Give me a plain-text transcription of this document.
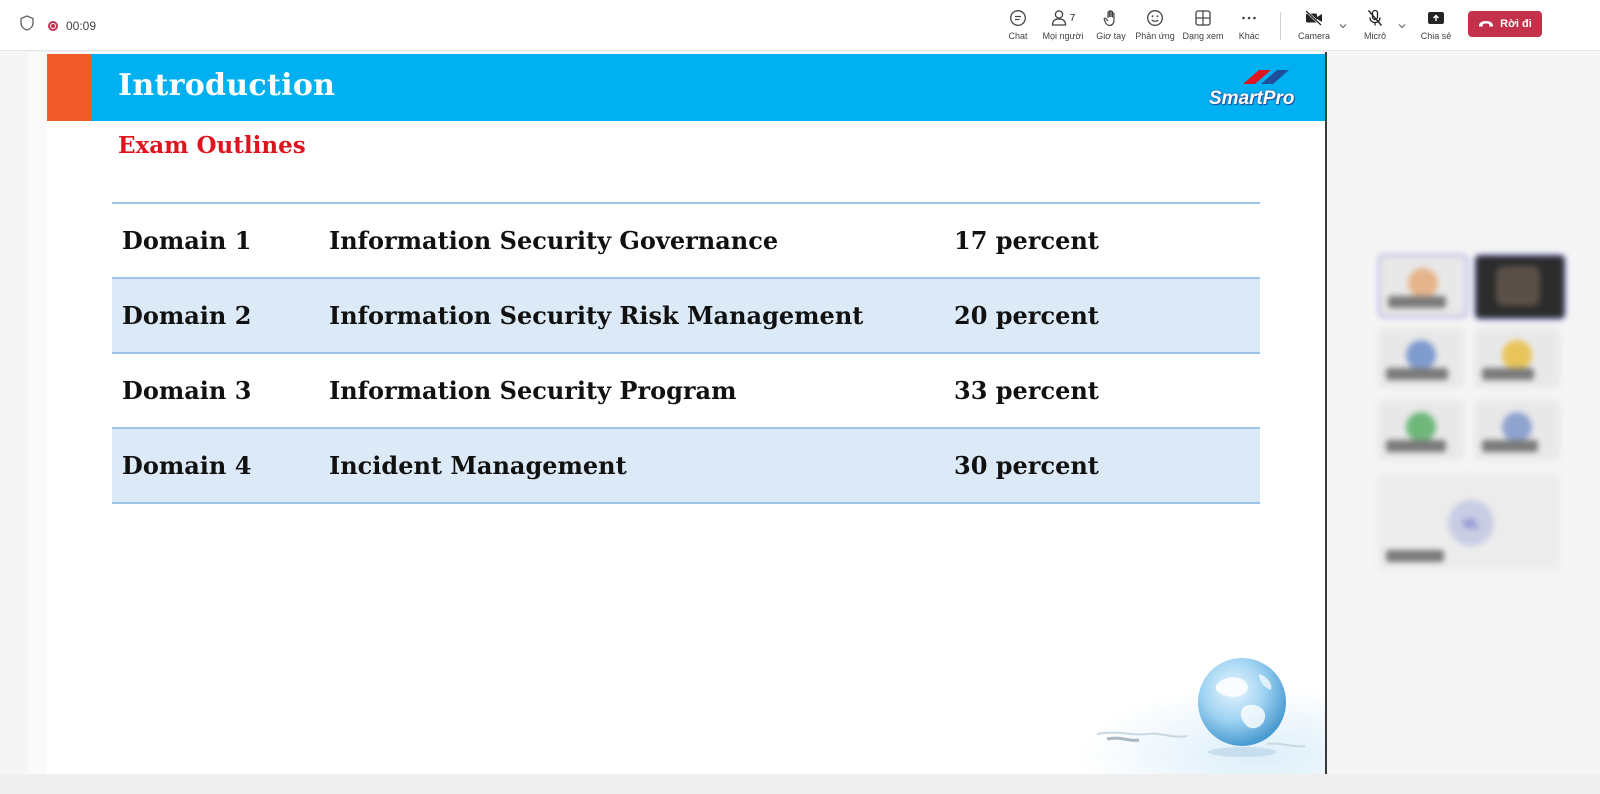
00:09
Chat
7
Mọi người Giơ tay Phản ứng Dạng xem Khác	Camera	Micrô	Chia sẻ
Rời đi
Introduction	SmartPro
Exam Outlines
Domain 1	Information Security Governance	17 percent
Domain 2	Information Security Risk Management	20 percent
Domain 3	Information Security Program	33 percent
Domain 4	Incident Management	30 percent
VL
